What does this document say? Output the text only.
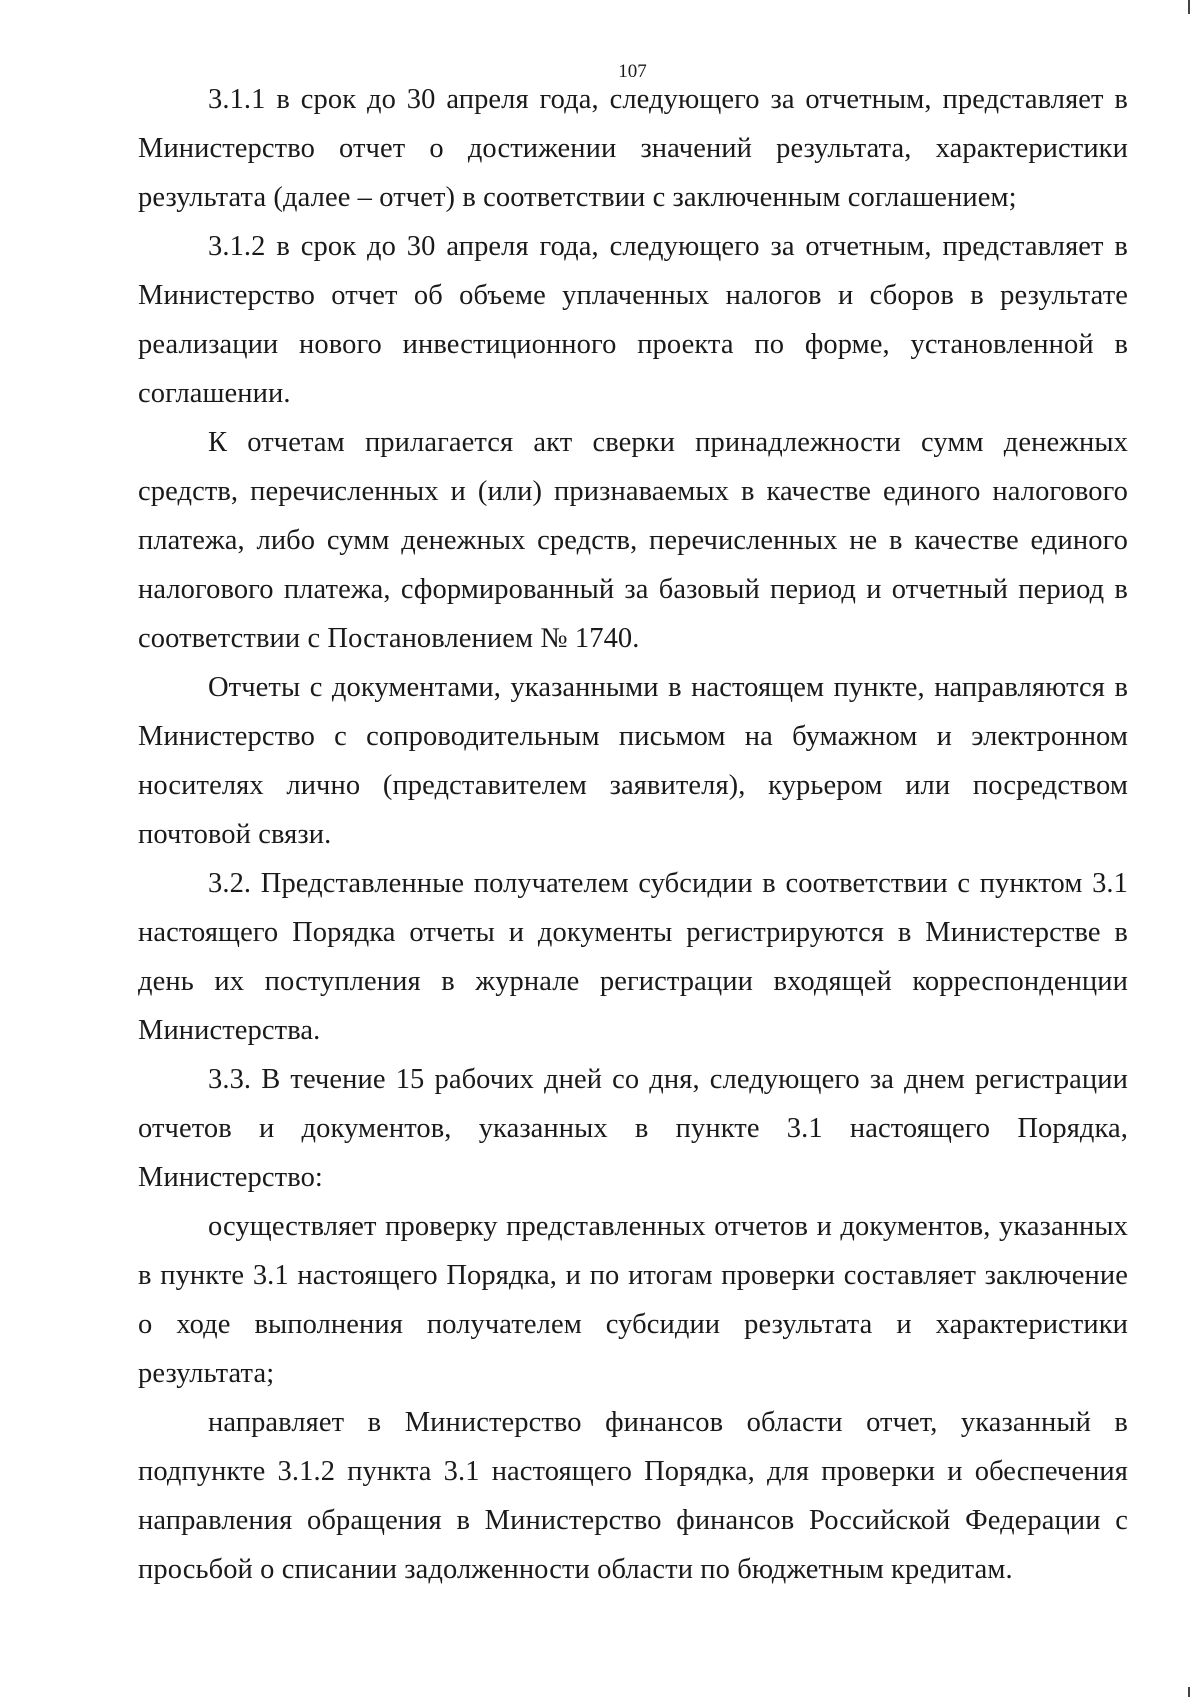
107

3.1.1 в срок до 30 апреля года, следующего за отчетным, представляет в Министерство отчет о достижении значений результата, характеристики результата (далее – отчет) в соответствии с заключенным соглашением;

3.1.2 в срок до 30 апреля года, следующего за отчетным, представляет в Министерство отчет об объеме уплаченных налогов и сборов в результате реализации нового инвестиционного проекта по форме, установленной в соглашении.

К отчетам прилагается акт сверки принадлежности сумм денежных средств, перечисленных и (или) признаваемых в качестве единого налогового платежа, либо сумм денежных средств, перечисленных не в качестве единого налогового платежа, сформированный за базовый период и отчетный период в соответствии с Постановлением № 1740.

Отчеты с документами, указанными в настоящем пункте, направляются в Министерство с сопроводительным письмом на бумажном и электронном носителях лично (представителем заявителя), курьером или посредством почтовой связи.

3.2. Представленные получателем субсидии в соответствии с пунктом 3.1 настоящего Порядка отчеты и документы регистрируются в Министерстве в день их поступления в журнале регистрации входящей корреспонденции Министерства.

3.3. В течение 15 рабочих дней со дня, следующего за днем регистрации отчетов и документов, указанных в пункте 3.1 настоящего Порядка, Министерство:

осуществляет проверку представленных отчетов и документов, указанных в пункте 3.1 настоящего Порядка, и по итогам проверки составляет заключение о ходе выполнения получателем субсидии результата и характеристики результата;

направляет в Министерство финансов области отчет, указанный в подпункте 3.1.2 пункта 3.1 настоящего Порядка, для проверки и обеспечения направления обращения в Министерство финансов Российской Федерации с просьбой о списании задолженности области по бюджетным кредитам.
